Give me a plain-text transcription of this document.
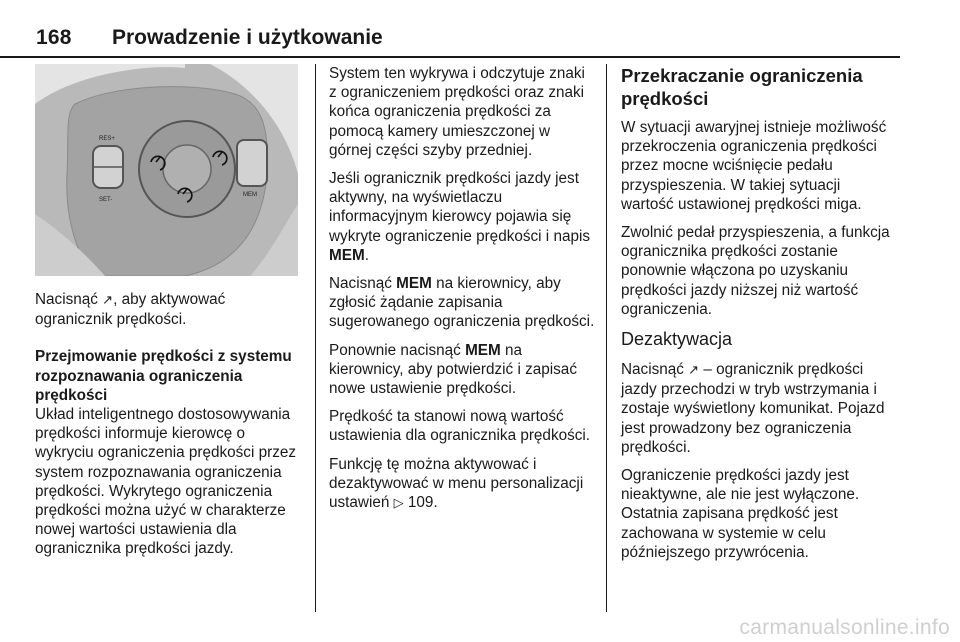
168 Prowadzenie i użytkowanie
RES+
SET-
MEM

Nacisnąć ↗, aby aktywować ogranicznik prędkości.

Przejmowanie prędkości z systemu rozpoznawania ograniczenia prędkości

Układ inteligentnego dostosowywania prędkości informuje kierowcę o wykryciu ograniczenia prędkości przez system rozpoznawania ograniczenia prędkości. Wykrytego ograniczenia prędkości można użyć w charakterze nowej wartości ustawienia dla ogranicznika prędkości jazdy.

System ten wykrywa i odczytuje znaki z ograniczeniem prędkości oraz znaki końca ograniczenia prędkości za pomocą kamery umieszczonej w górnej części szyby przedniej.

Jeśli ogranicznik prędkości jazdy jest aktywny, na wyświetlaczu informacyjnym kierowcy pojawia się wykryte ograniczenie prędkości i napis MEM.

Nacisnąć MEM na kierownicy, aby zgłosić żądanie zapisania sugerowanego ograniczenia prędkości.

Ponownie nacisnąć MEM na kierownicy, aby potwierdzić i zapisać nowe ustawienie prędkości.

Prędkość ta stanowi nową wartość ustawienia dla ogranicznika prędkości.

Funkcję tę można aktywować i dezaktywować w menu personalizacji ustawień ▷ 109.

Przekraczanie ograniczenia prędkości

W sytuacji awaryjnej istnieje możliwość przekroczenia ograniczenia prędkości przez mocne wciśnięcie pedału przyspieszenia. W takiej sytuacji wartość ustawionej prędkości miga.

Zwolnić pedał przyspieszenia, a funkcja ogranicznika prędkości zostanie ponownie włączona po uzyskaniu prędkości jazdy niższej niż wartość ograniczenia.

Dezaktywacja

Nacisnąć ↗ – ogranicznik prędkości jazdy przechodzi w tryb wstrzymania i zostaje wyświetlony komunikat. Pojazd jest prowadzony bez ograniczenia prędkości.

Ograniczenie prędkości jazdy jest nieaktywne, ale nie jest wyłączone. Ostatnia zapisana prędkość jest zachowana w systemie w celu późniejszego przywrócenia.

carmanualsonline.info
